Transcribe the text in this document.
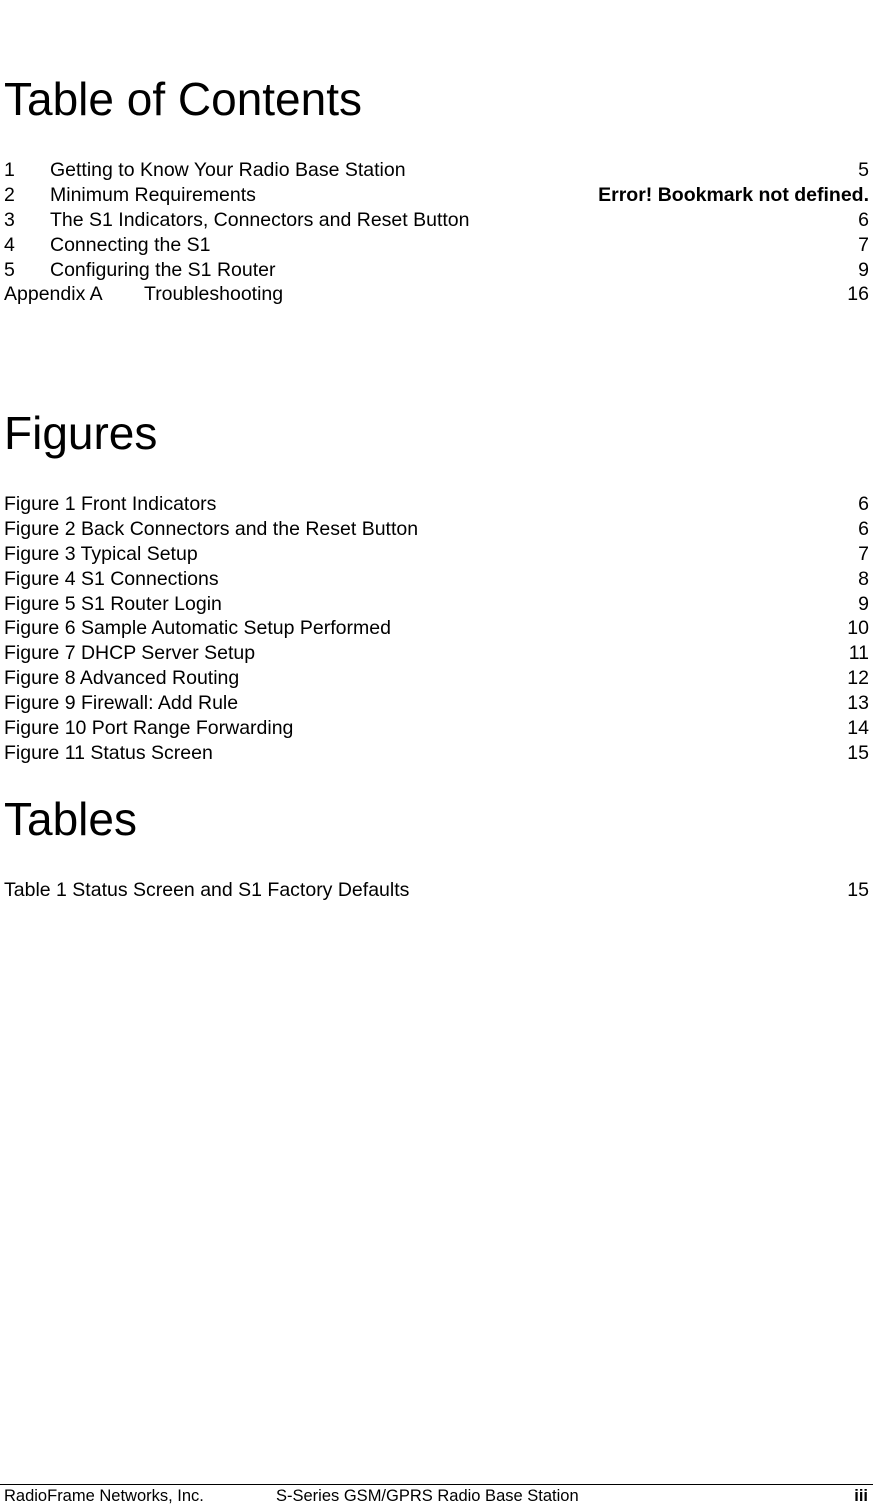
Table of Contents
1 Getting to Know Your Radio Base Station	5
2 Minimum Requirements	Error! Bookmark not defined.
3 The S1 Indicators, Connectors and Reset Button	6
4 Connecting the S1	7
5 Configuring the S1 Router	9
Appendix A Troubleshooting	16
Figures
Figure 1 Front Indicators	6
Figure 2 Back Connectors and the Reset Button	6
Figure 3 Typical Setup	7
Figure 4 S1 Connections	8
Figure 5 S1 Router Login	9
Figure 6 Sample Automatic Setup Performed	10
Figure 7 DHCP Server Setup	11
Figure 8 Advanced Routing	12
Figure 9 Firewall: Add Rule	13
Figure 10 Port Range Forwarding	14
Figure 11 Status Screen	15
Tables
Table 1 Status Screen and S1 Factory Defaults	15
RadioFrame Networks, Inc.	S-Series GSM/GPRS Radio Base Station	iii
